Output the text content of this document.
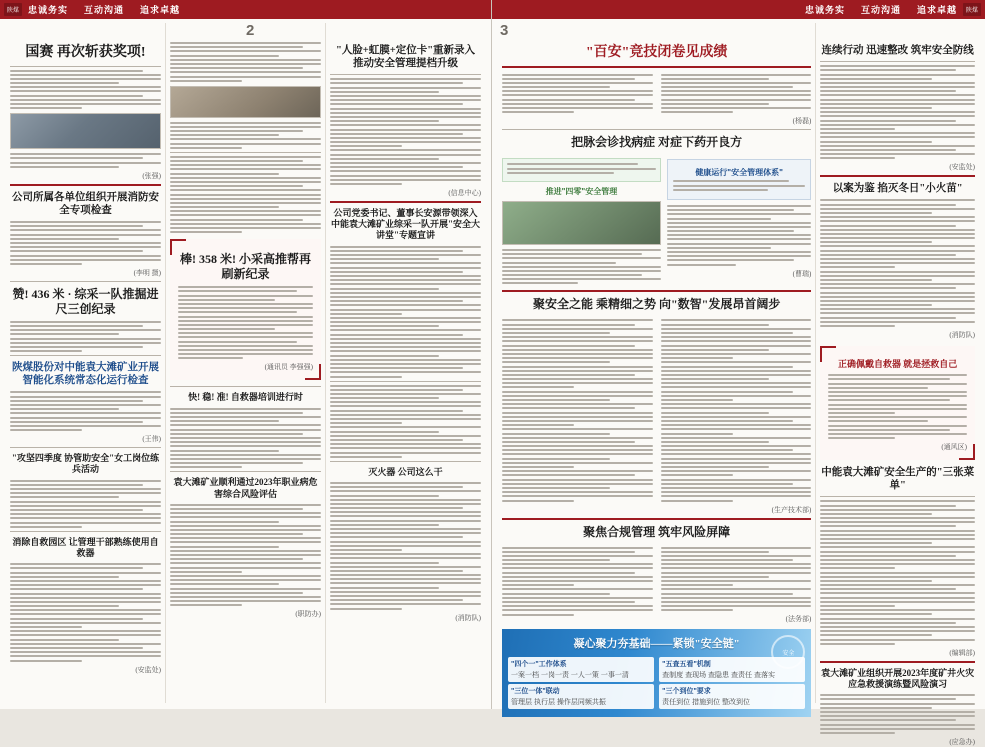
陕煤	忠诚务实 互动沟通 追求卓越
2
国赛 再次斩获奖项!
(张强)
公司所属各单位组织开展消防安全专项检查
(李明 摄)
赞! 436 米 · 综采一队推掘进尺三创纪录
陕煤股份对中能袁大滩矿业开展智能化系统常态化运行检查
(王伟)
"攻坚四季度 协管助安全"女工岗位练兵活动
消除自救园区 让管理干部熟练使用自救器
(安监处)
棒! 358 米! 小采高推帮再刷新纪录
(通讯员 李强强)
快! 稳! 准! 自救器培训进行时
袁大滩矿业顺利通过2023年职业病危害综合风险评估
(职防办)
"人脸+虹膜+定位卡"重新录入 推动安全管理提档升级
(信息中心)
公司党委书记、董事长安源带领深入中能袁大滩矿业综采一队开展"安全大讲堂"专题宣讲
灭火器 公司这么干
(消防队)
忠诚务实 互动沟通 追求卓越	陕煤
3
"百安"竞技闭卷见成绩
(杨磊)
把脉会诊找病症 对症下药开良方
推进"四零"安全管理
健康运行"安全管理体系"
(曹瑞)
聚安全之能 乘精细之势 向"数智"发展昂首阔步
(生产技术部)
聚焦合规管理 筑牢风险屏障
(法务部)
安全
凝心聚力夯基础——紧锁"安全链"
"四个一"工作体系
一案一档 一岗一责 一人一策 一事一清
"三位一体"联动
管理层 执行层 操作层同频共振
"五查五看"机制
查制度 查现场 查隐患 查责任 查落实
"三个到位"要求
责任到位 措施到位 整改到位
连续行动 迅速整改 筑牢安全防线
(安监处)
以案为鉴 掐灭冬日"小火苗"
(消防队)
正确佩戴自救器 就是拯救自己
(通风区)
中能袁大滩矿安全生产的"三张菜单"
(编辑部)
袁大滩矿业组织开展2023年度矿井火灾应急救援演练暨风险演习
(应急办)
